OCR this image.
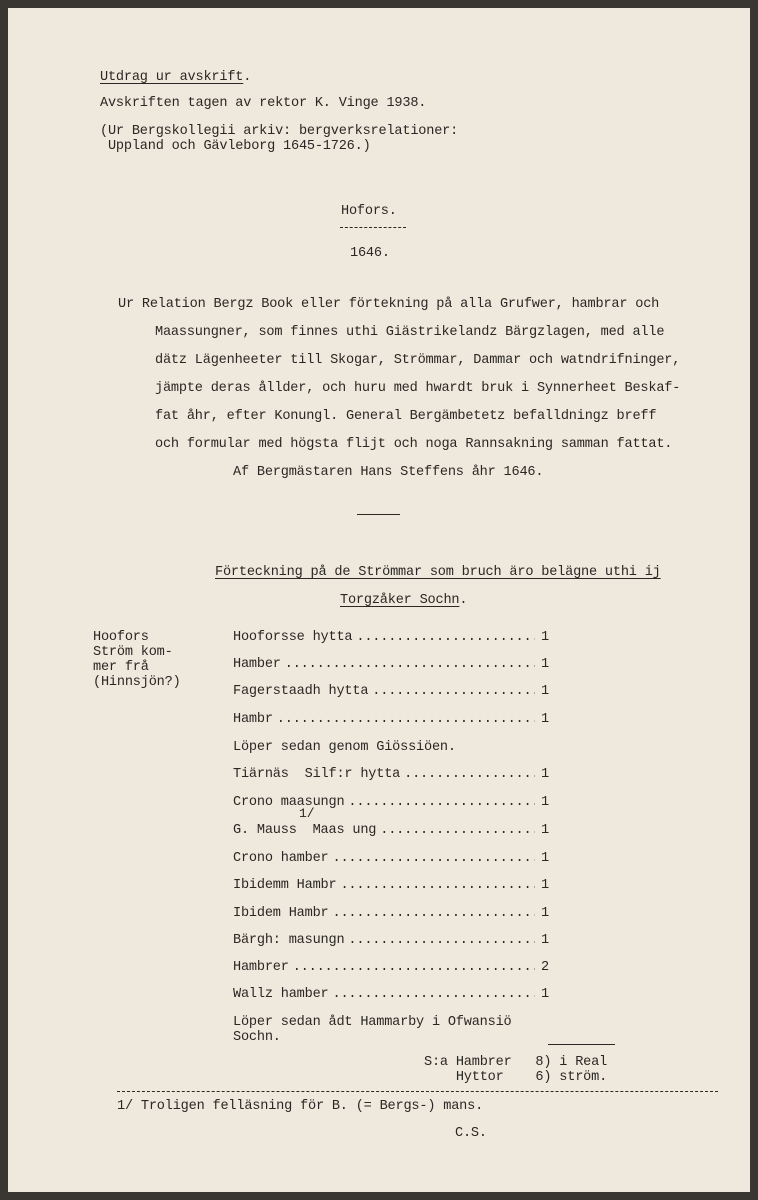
Utdrag ur avskrift.
Avskriften tagen av rektor K. Vinge 1938.
(Ur Bergskollegii arkiv: bergverksrelationer:
Uppland och Gävleborg 1645-1726.)
Hofors.
1646.
Ur Relation Bergz Book eller förtekning på alla Grufwer, hambrar och
Maassungner, som finnes uthi Giästrikelandz Bärgzlagen, med alle
dätz Lägenheeter till Skogar, Strömmar, Dammar och watndrifninger,
jämpte deras ållder, och huru med hwardt bruk i Synnerheet Beskaf-
fat åhr, efter Konungl. General Bergämbetetz befalldningz breff
och formular med högsta flijt och noga Rannsakning samman fattat.
Af Bergmästaren Hans Steffens åhr 1646.
Förteckning på de Strömmar som bruch äro belägne uthi ij
Torgzåker Sochn.
Hoofors
Ström kom-
mer frå
(Hinnsjön?)
Hooforsse hytta .....	1
Hamber .....	1
Fagerstaadh hytta .....	1
Hambr .....	1
Löper sedan genom Giössiöen.
Tiärnäs  Silf:r hytta .....	1
Crono maasungn .....	1
1/
G. Mauss  Maas ung .....	1
Crono hamber .....	1
Ibidemm Hambr .....	1
Ibidem Hambr .....	1
Bärgh: masungn .....	1
Hambrer .....	2
Wallz hamber .....	1
Löper sedan ådt Hammarby i Ofwansiö
Sochn.
S:a Hambrer   8) i Real
Hyttor    6) ström.
1/ Troligen felläsning för B. (= Bergs-) mans.
C.S.
